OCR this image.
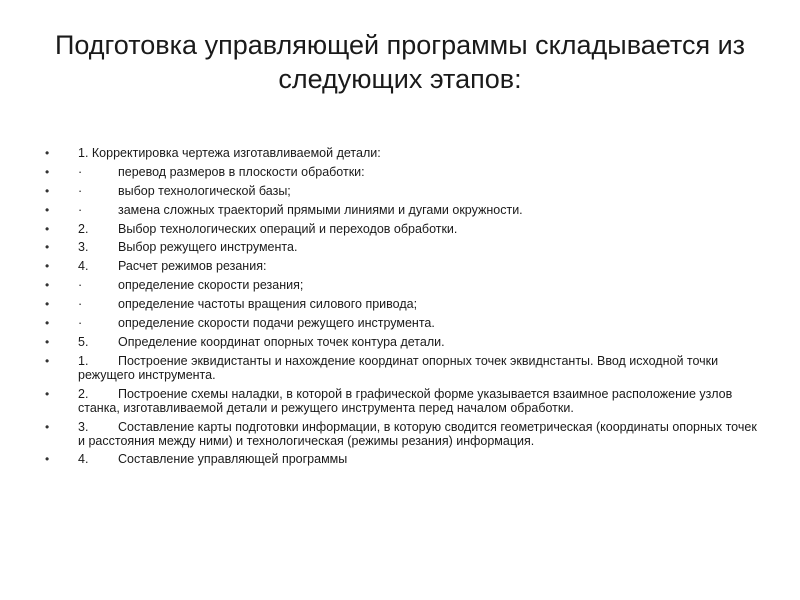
Подготовка управляющей программы складывается из
следующих этапов:
•	1. Корректировка чертежа изготавливаемой детали:
•	·	перевод размеров в плоскости обработки:
•	·	выбор технологической базы;
•	·	замена сложных траекторий прямыми линиями и дугами окружности.
•	2. Выбор технологических операций и переходов обработки.
•	3. Выбор режущего инструмента.
•	4. Расчет режимов резания:
•	·	определение скорости резания;
•	·	определение частоты вращения силового привода;
•	·	определение скорости подачи режущего инструмента.
•	5. Определение координат опорных точек контура детали.
•	1. Построение эквидистанты и нахождение координат опорных точек эквиднстанты. Ввод исходной точки режущего инструмента.
•	2. Построение схемы наладки, в которой в графической форме указывается взаимное расположение узлов станка, изготавливаемой детали и режущего инструмента перед началом обработки.
•	3. Составление карты подготовки информации, в которую сводится геометрическая (координаты опорных точек и расстояния между ними) и технологическая (режимы резания) информация.
•	4. Составление управляющей программы
